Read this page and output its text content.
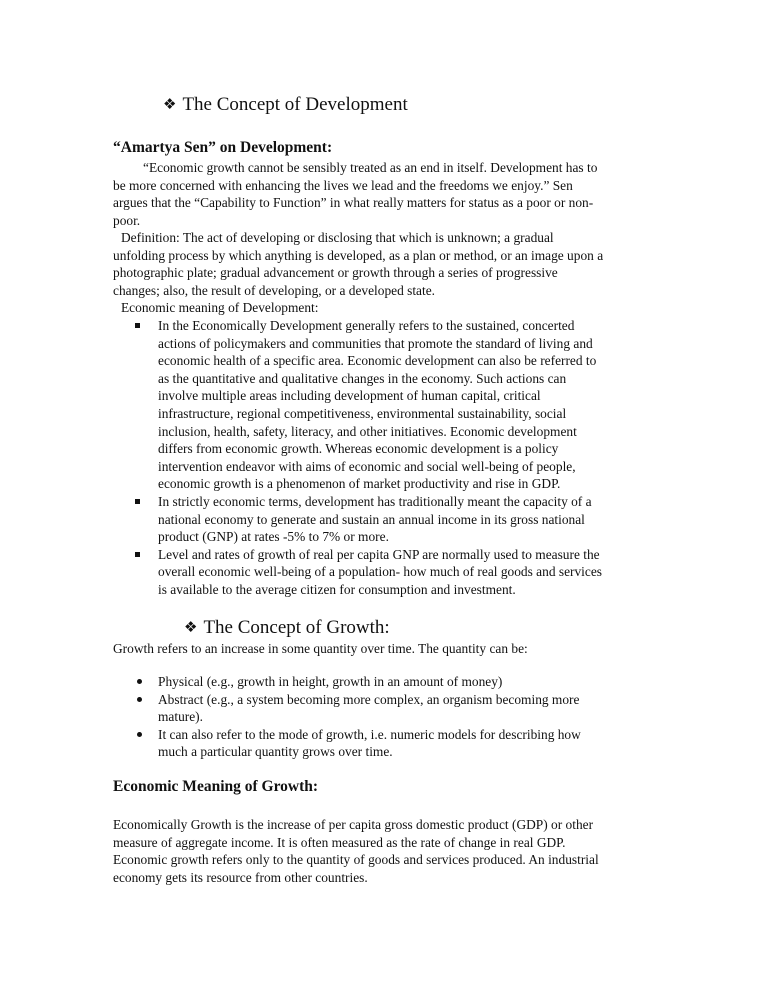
❖ The Concept of Development
“Amartya Sen” on Development:
“Economic growth cannot be sensibly treated as an end in itself. Development has to
be more concerned with enhancing the lives we lead and the freedoms we enjoy.” Sen
argues that the “Capability to Function” in what really matters for status as a poor or non-
poor.
Definition: The act of developing or disclosing that which is unknown; a gradual
unfolding process by which anything is developed, as a plan or method, or an image upon a
photographic plate; gradual advancement or growth through a series of progressive
changes; also, the result of developing, or a developed state.
Economic meaning of Development:
In the Economically Development generally refers to the sustained, concerted
actions of policymakers and communities that promote the standard of living and
economic health of a specific area. Economic development can also be referred to
as the quantitative and qualitative changes in the economy. Such actions can
involve multiple areas including development of human capital, critical
infrastructure, regional competitiveness, environmental sustainability, social
inclusion, health, safety, literacy, and other initiatives. Economic development
differs from economic growth. Whereas economic development is a policy
intervention endeavor with aims of economic and social well-being of people,
economic growth is a phenomenon of market productivity and rise in GDP.
In strictly economic terms, development has traditionally meant the capacity of a
national economy to generate and sustain an annual income in its gross national
product (GNP) at rates -5% to 7% or more.
Level and rates of growth of real per capita GNP are normally used to measure the
overall economic well-being of a population- how much of real goods and services
is available to the average citizen for consumption and investment.
❖ The Concept of Growth:
Growth refers to an increase in some quantity over time. The quantity can be:
Physical (e.g., growth in height, growth in an amount of money)
Abstract (e.g., a system becoming more complex, an organism becoming more
mature).
It can also refer to the mode of growth, i.e. numeric models for describing how
much a particular quantity grows over time.
Economic Meaning of Growth:
Economically Growth is the increase of per capita gross domestic product (GDP) or other
measure of aggregate income. It is often measured as the rate of change in real GDP.
Economic growth refers only to the quantity of goods and services produced. An industrial
economy gets its resource from other countries.
